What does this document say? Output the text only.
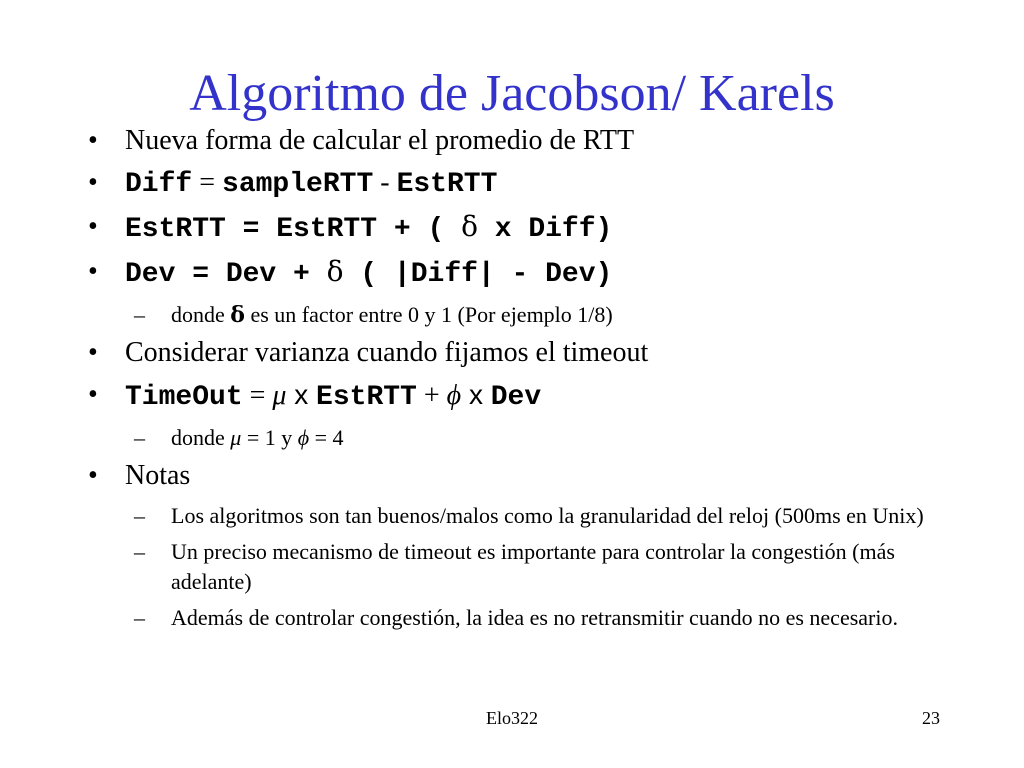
Algoritmo de Jacobson/ Karels
• Nueva forma de calcular el promedio de RTT
• Diff = sampleRTT - EstRTT
• EstRTT = EstRTT + ( δ x Diff)
• Dev = Dev + δ ( |Diff| - Dev)
– donde δ es un factor entre 0 y 1 (Por ejemplo 1/8)
• Considerar varianza cuando fijamos el timeout
• TimeOut = μ x EstRTT + ϕ x Dev
– donde μ = 1 y ϕ = 4
• Notas
– Los algoritmos son tan buenos/malos como la granularidad del reloj (500ms en Unix)
– Un preciso mecanismo de timeout es importante para controlar la congestión (más adelante)
– Además de controlar congestión, la idea es no retransmitir cuando no es necesario.
Elo322	23
